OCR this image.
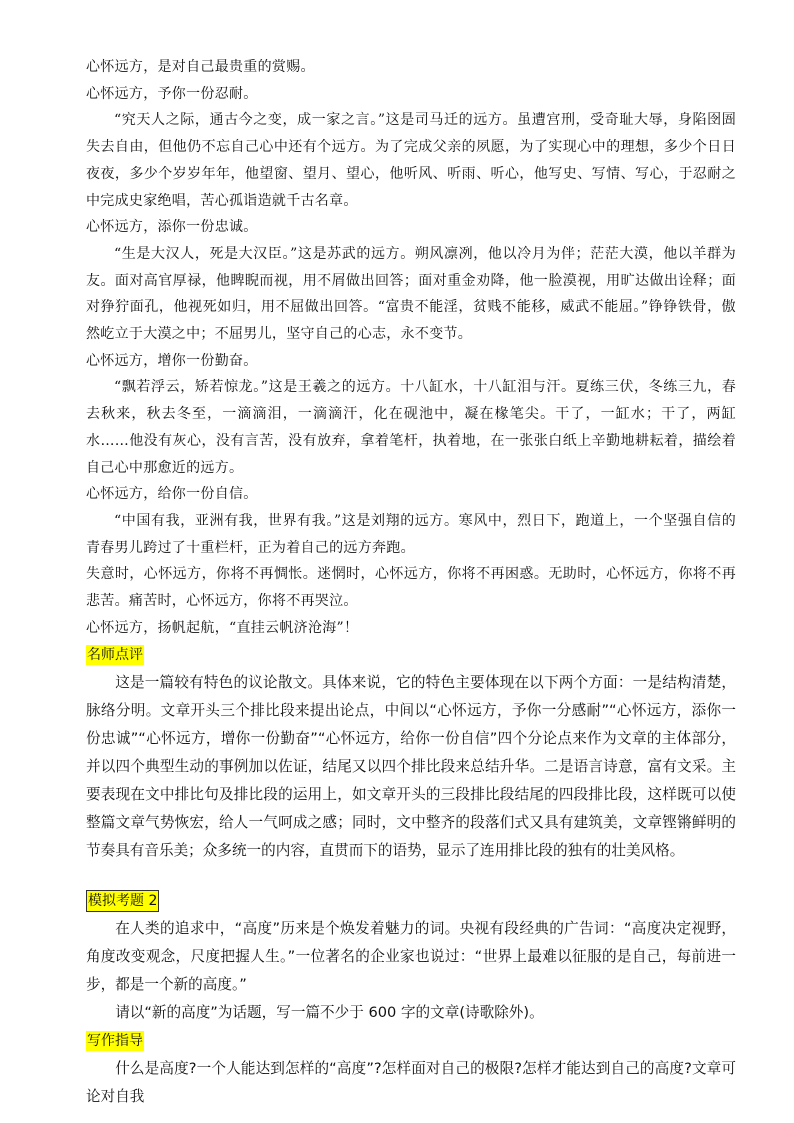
心怀远方，是对自己最贵重的赏赐。

心怀远方，予你一份忍耐。

“究天人之际，通古今之变，成一家之言。”这是司马迁的远方。虽遭宫刑，受奇耻大辱，身陷囹圄失去自由，但他仍不忘自己心中还有个远方。为了完成父亲的夙愿，为了实现心中的理想，多少个日日夜夜，多少个岁岁年年，他望窗、望月、望心，他听风、听雨、听心，他写史、写情、写心，于忍耐之中完成史家绝唱，苦心孤诣造就千古名章。

心怀远方，添你一份忠诚。

“生是大汉人，死是大汉臣。”这是苏武的远方。朔风凛冽，他以冷月为伴；茫茫大漠，他以羊群为友。面对高官厚禄，他睥睨而视，用不屑做出回答；面对重金劝降，他一脸漠视，用旷达做出诠释；面对狰狞面孔，他视死如归，用不屈做出回答。“富贵不能淫，贫贱不能移，威武不能屈。”铮铮铁骨，傲然屹立于大漠之中；不屈男儿，坚守自己的心志，永不变节。

心怀远方，增你一份勤奋。

“飘若浮云，矫若惊龙。”这是王羲之的远方。十八缸水，十八缸泪与汗。夏练三伏，冬练三九，春去秋来，秋去冬至，一滴滴泪，一滴滴汗，化在砚池中，凝在椽笔尖。干了，一缸水；干了，两缸水……他没有灰心，没有言苦，没有放弃，拿着笔杆，执着地，在一张张白纸上辛勤地耕耘着，描绘着自己心中那愈近的远方。

心怀远方，给你一份自信。

“中国有我，亚洲有我，世界有我。”这是刘翔的远方。寒风中，烈日下，跑道上，一个坚强自信的青春男儿跨过了十重栏杆，正为着自己的远方奔跑。

失意时，心怀远方，你将不再惆怅。迷惘时，心怀远方，你将不再困惑。无助时，心怀远方，你将不再悲苦。痛苦时，心怀远方，你将不再哭泣。

心怀远方，扬帆起航，“直挂云帆济沧海”！

名师点评

这是一篇较有特色的议论散文。具体来说，它的特色主要体现在以下两个方面：一是结构清楚，脉络分明。文章开头三个排比段来提出论点，中间以“心怀远方，予你一分感耐”“心怀远方，添你一份忠诚”“心怀远方，增你一份勤奋”“心怀远方，给你一份自信”四个分论点来作为文章的主体部分，并以四个典型生动的事例加以佐证，结尾又以四个排比段来总结升华。二是语言诗意，富有文采。主要表现在文中排比句及排比段的运用上，如文章开头的三段排比段结尾的四段排比段，这样既可以使整篇文章气势恢宏，给人一气呵成之感；同时，文中整齐的段落们式又具有建筑美，文章铿锵鲜明的节奏具有音乐美；众多统一的内容，直贯而下的语势，显示了连用排比段的独有的壮美风格。

模拟考题 2

在人类的追求中，“高度”历来是个焕发着魅力的词。央视有段经典的广告词：“高度决定视野，角度改变观念，尺度把握人生。”一位著名的企业家也说过：“世界上最难以征服的是自己，每前进一步，都是一个新的高度。”

请以“新的高度”为话题，写一篇不少于 600 字的文章(诗歌除外)。

写作指导

什么是高度?一个人能达到怎样的“高度”?怎样面对自己的极限?怎样才能达到自己的高度?文章可论对自我
